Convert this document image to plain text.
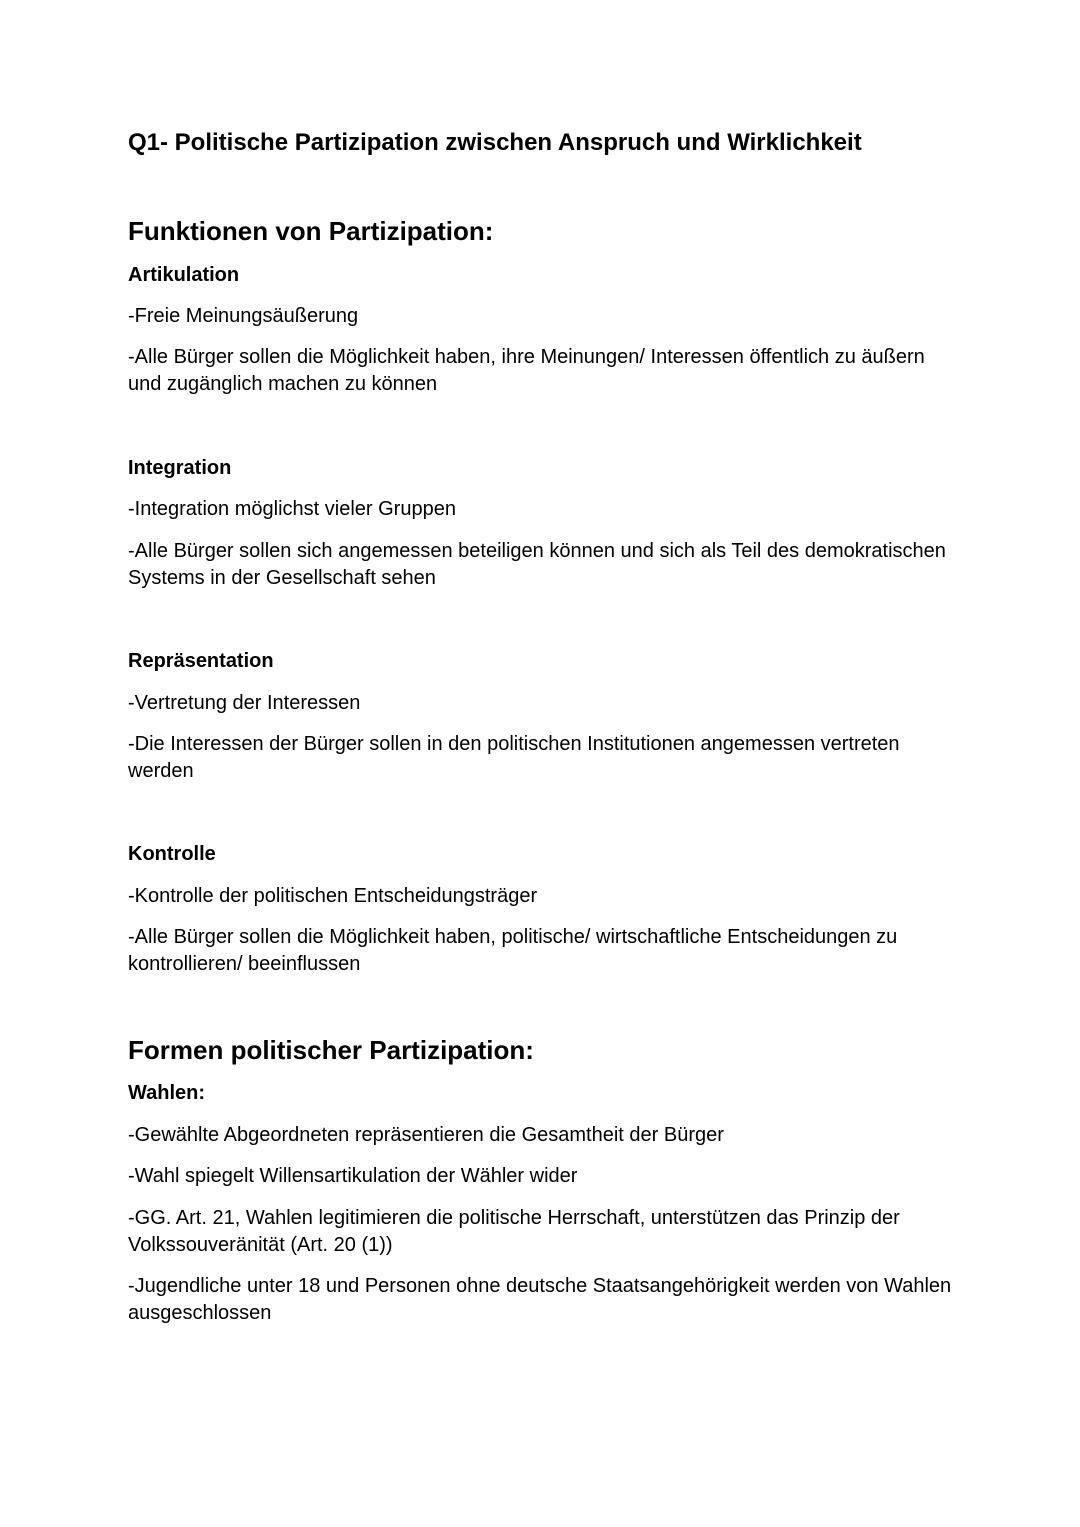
Q1- Politische Partizipation zwischen Anspruch und Wirklichkeit
Funktionen von Partizipation:
Artikulation

-Freie Meinungsäußerung

-Alle Bürger sollen die Möglichkeit haben, ihre Meinungen/ Interessen öffentlich zu äußern und zugänglich machen zu können

Integration

-Integration möglichst vieler Gruppen

-Alle Bürger sollen sich angemessen beteiligen können und sich als Teil des demokratischen Systems in der Gesellschaft sehen

Repräsentation

-Vertretung der Interessen

-Die Interessen der Bürger sollen in den politischen Institutionen angemessen vertreten werden

Kontrolle

-Kontrolle der politischen Entscheidungsträger

-Alle Bürger sollen die Möglichkeit haben, politische/ wirtschaftliche Entscheidungen zu kontrollieren/ beeinflussen

Formen politischer Partizipation:
Wahlen:

-Gewählte Abgeordneten repräsentieren die Gesamtheit der Bürger

-Wahl spiegelt Willensartikulation der Wähler wider

-GG. Art. 21, Wahlen legitimieren die politische Herrschaft, unterstützen das Prinzip der Volkssouveränität (Art. 20 (1))

-Jugendliche unter 18 und Personen ohne deutsche Staatsangehörigkeit werden von Wahlen ausgeschlossen
